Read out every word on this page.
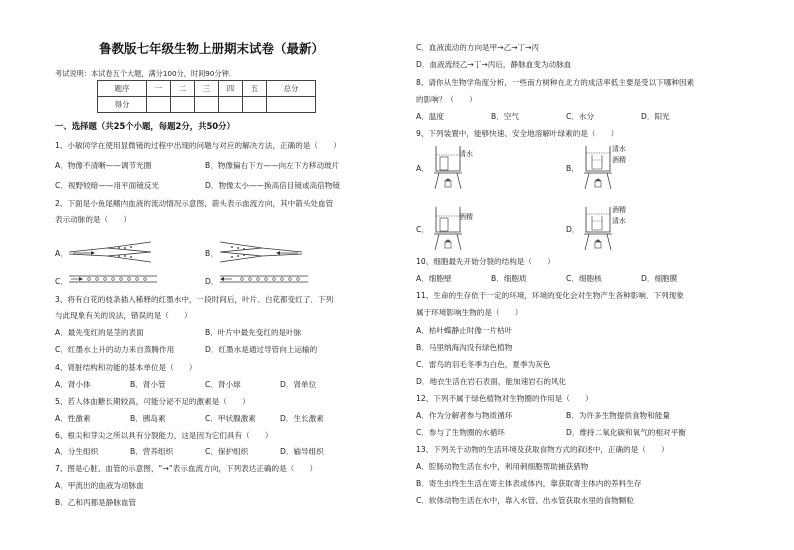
鲁教版七年级生物上册期末试卷（最新）
考试说明：本试卷五个大题，满分100分，时间90分钟.
题序	一	二	三	四	五	总分
得分						
一、选择题（共25个小题，每题2分，共50分）
1、小敏同学在使用显微镜的过程中出现的问题与对应的解决方法，正确的是（　　）
A．物像不清晰——调节光圈	B．物像偏右下方——向左下方移动玻片
C．视野较暗——用平面镜反光	D．物像太小——换高倍目镜或高倍物镜
2、下面是小鱼尾鳍内血液的流动情况示意图，箭头表示血流方向，其中箭头处血管
表示动脉的是（　　）
A．	B．
C．	D．
3、将有白花的枝条插入稀释的红墨水中，一段时间后，叶片、白花都变红了．下列
与此现象有关的说法，错误的是（　　）
A．最先变红的是茎的表面	B．叶片中最先变红的是叶脉
C．红墨水上升的动力来自蒸腾作用	D．红墨水是通过导管向上运输的
4、肾脏结构和功能的基本单位是（　　）
A．肾小体	B．肾小管	C．肾小球	D．肾单位
5、若人体血糖长期较高，可能分泌不足的激素是（　　）
A．性激素	B．胰岛素	C．甲状腺激素	D．生长激素
6、根尖和芽尖之所以具有分裂能力，这是因为它们具有（　　）
A．分生组织	B．营养组织	C．保护组织	D．输导组织
7、图是心脏、血管的示意图，“→”表示血流方向，下列表达正确的是（　　）
A．甲流出的血液为动脉血
B．乙和丙都是静脉血管
C．血液流动的方向是甲→乙→丁→丙
D．血液流经乙→丁→丙后，静脉血变为动脉血
8、请你从生物学角度分析，一些南方树种在北方的成活率低主要是受以下哪种因素
的影响？（　　）
A．温度	B．空气	C．水分	D．阳光
9、下列装置中，能够快速、安全地溶解叶绿素的是（　　）
A．
清水
B．
清水
酒精
C．
酒精
D．
酒精
清水
10、细胞最先开始分裂的结构是（　　）
A．细胞壁	B．细胞质	C．细胞核	D．细胞膜
11、生命的生存依于一定的环境，环境的变化会对生物产生各种影响．下列现象
属于环境影响生物的是（　　）
A．枯叶蝶静止时像一片枯叶
B．马里纳海沟没有绿色植物
C．雷鸟的羽毛冬季为白色，夏季为灰色
D．地衣生活在岩石表面，能加速岩石的风化
12、下列不属于绿色植物对生物圈的作用是（　　）
A．作为分解者参与物质循环	B．为许多生物提供食物和能量
C．参与了生物圈的水循环	D．维持二氧化碳和氧气的相对平衡
13、下列关于动物的生活环境及获取食物方式的叙述中，正确的是（　　）
A．腔肠动物生活在水中，利用刺细胞帮助捕获猎物
B．寄生虫终生生活在寄主体表或体内，靠获取寄主体内的养料生存
C．软体动物生活在水中，靠入水管、出水管获取水里的食物颗粒
